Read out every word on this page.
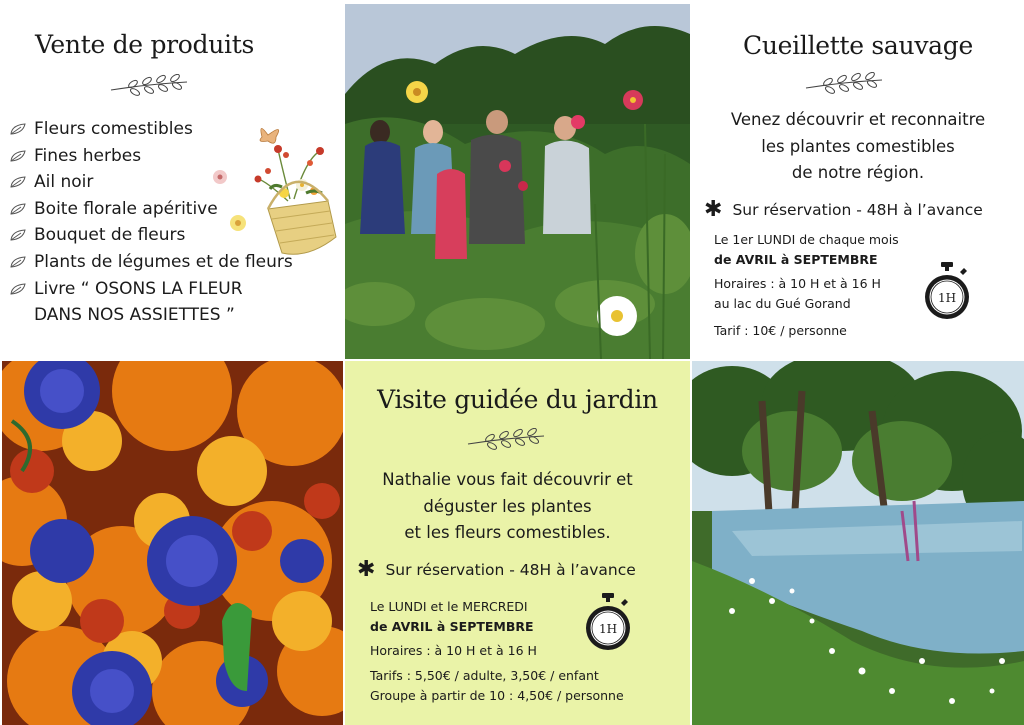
Vente de produits
Fleurs comestibles
Fines herbes
Ail noir
Boite florale apéritive
Bouquet de fleurs
Plants de légumes et de fleurs
Livre “ OSONS LA FLEUR
DANS NOS ASSIETTES ”
Cueillette sauvage
Venez découvrir et reconnaitre
les plantes comestibles
de notre région.
✱ Sur réservation - 48H à l’avance
Le 1er LUNDI de chaque mois
de AVRIL à SEPTEMBRE
Horaires : à 10 H et à 16 H
au lac du Gué Gorand
Tarif : 10€ / personne
1H
Visite guidée du jardin
Nathalie vous fait découvrir et
déguster les plantes
et les fleurs comestibles.
✱ Sur réservation - 48H à l’avance
Le LUNDI et le MERCREDI
de AVRIL à SEPTEMBRE
Horaires : à 10 H et à 16 H
Tarifs : 5,50€ / adulte, 3,50€ / enfant
Groupe à partir de 10 : 4,50€ / personne
1H
